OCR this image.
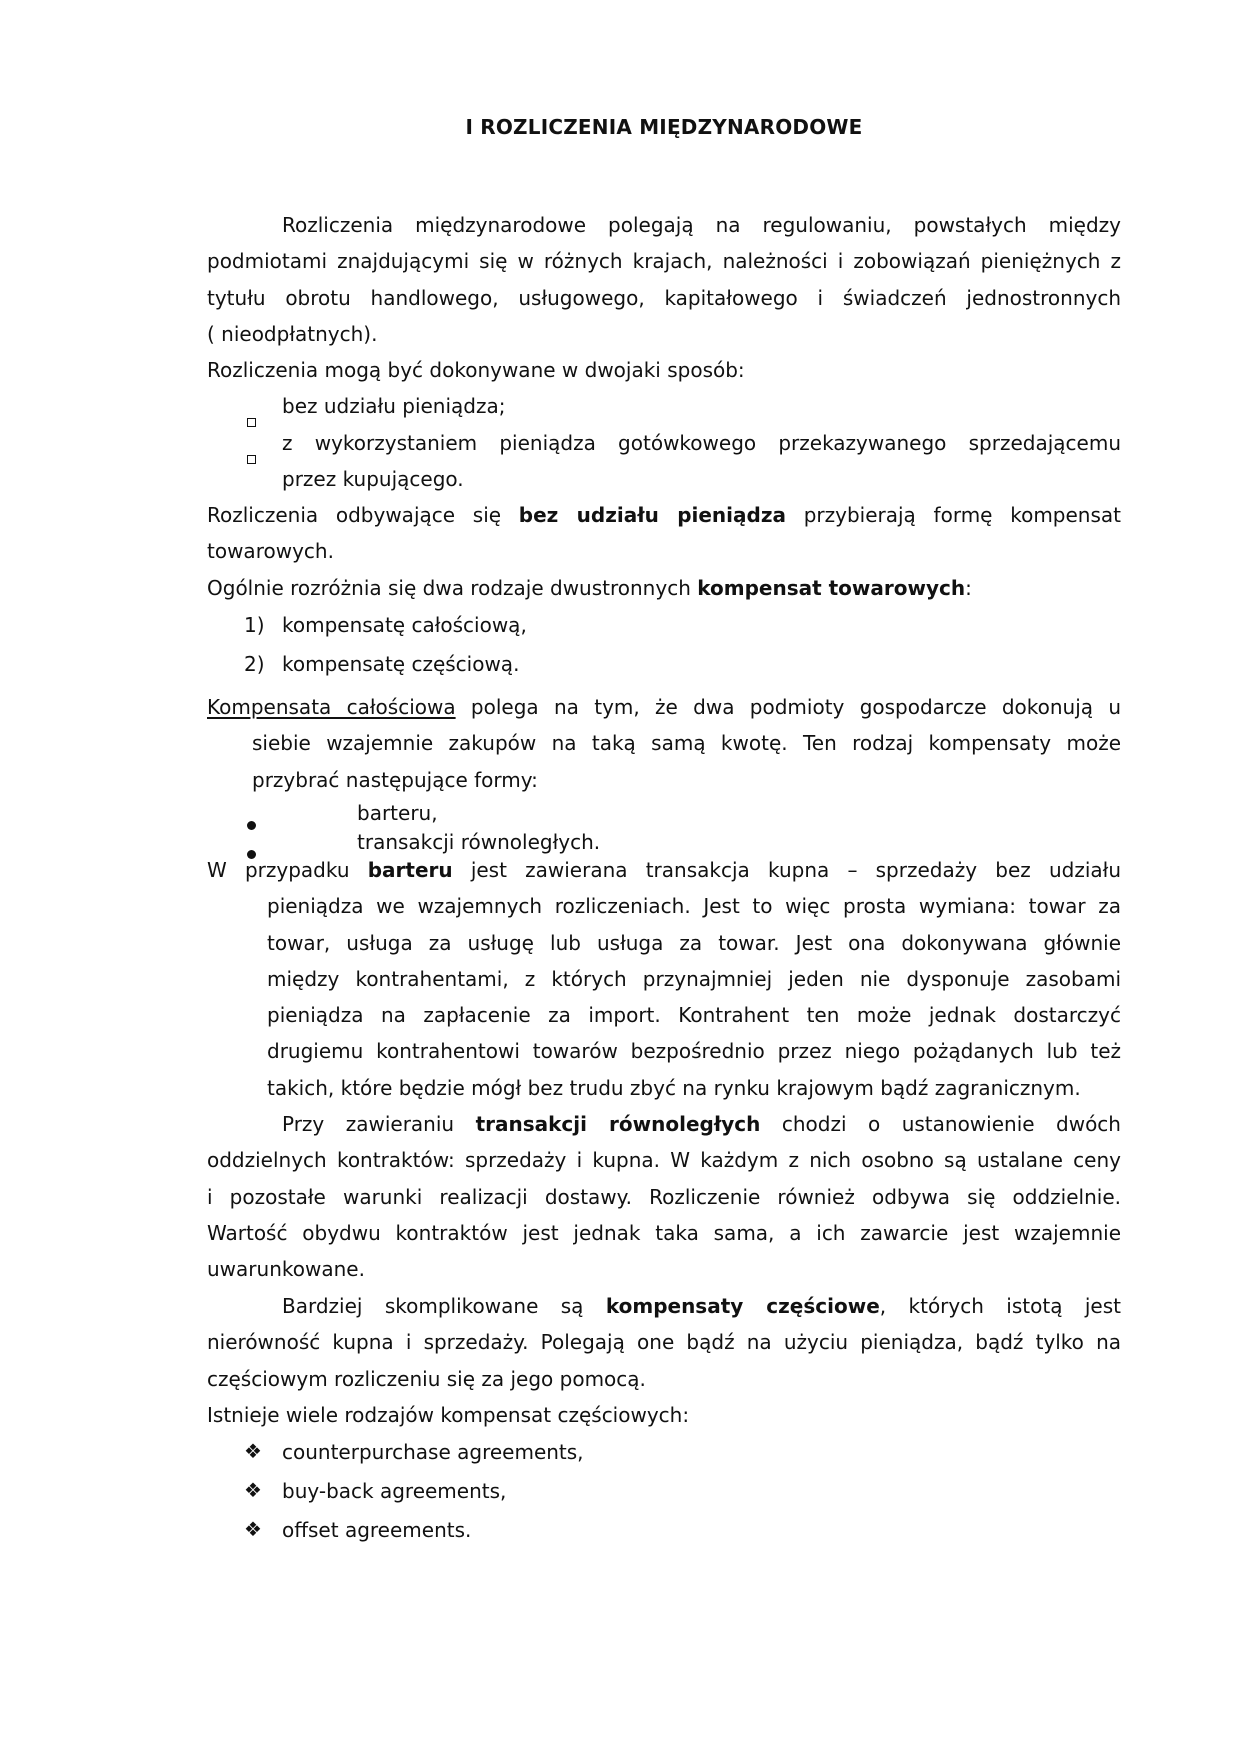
I ROZLICZENIA MIĘDZYNARODOWE
Rozliczenia międzynarodowe polegają na regulowaniu, powstałych między
podmiotami znajdującymi się w różnych krajach, należności i zobowiązań pieniężnych z
tytułu obrotu handlowego, usługowego, kapitałowego i świadczeń jednostronnych
( nieodpłatnych).
Rozliczenia mogą być dokonywane w dwojaki sposób:
bez udziału pieniądza;
z wykorzystaniem pieniądza gotówkowego przekazywanego sprzedającemu
przez kupującego.
Rozliczenia odbywające się bez udziału pieniądza przybierają formę kompensat
towarowych.
Ogólnie rozróżnia się dwa rodzaje dwustronnych kompensat towarowych:
1) kompensatę całościową,
2) kompensatę częściową.
Kompensata całościowa polega na tym, że dwa podmioty gospodarcze dokonują u
siebie wzajemnie zakupów na taką samą kwotę. Ten rodzaj kompensaty może
przybrać następujące formy:
barteru,
transakcji równoległych.
W przypadku barteru jest zawierana transakcja kupna – sprzedaży bez udziału
pieniądza we wzajemnych rozliczeniach. Jest to więc prosta wymiana: towar za
towar, usługa za usługę lub usługa za towar. Jest ona dokonywana głównie
między kontrahentami, z których przynajmniej jeden nie dysponuje zasobami
pieniądza na zapłacenie za import. Kontrahent ten może jednak dostarczyć
drugiemu kontrahentowi towarów bezpośrednio przez niego pożądanych lub też
takich, które będzie mógł bez trudu zbyć na rynku krajowym bądź zagranicznym.
Przy zawieraniu transakcji równoległych chodzi o ustanowienie dwóch
oddzielnych kontraktów: sprzedaży i kupna. W każdym z nich osobno są ustalane ceny
i pozostałe warunki realizacji dostawy. Rozliczenie również odbywa się oddzielnie.
Wartość obydwu kontraktów jest jednak taka sama, a ich zawarcie jest wzajemnie
uwarunkowane.
Bardziej skomplikowane są kompensaty częściowe, których istotą jest
nierówność kupna i sprzedaży. Polegają one bądź na użyciu pieniądza, bądź tylko na
częściowym rozliczeniu się za jego pomocą.
Istnieje wiele rodzajów kompensat częściowych:
❖ counterpurchase agreements,
❖ buy-back agreements,
❖ offset agreements.
